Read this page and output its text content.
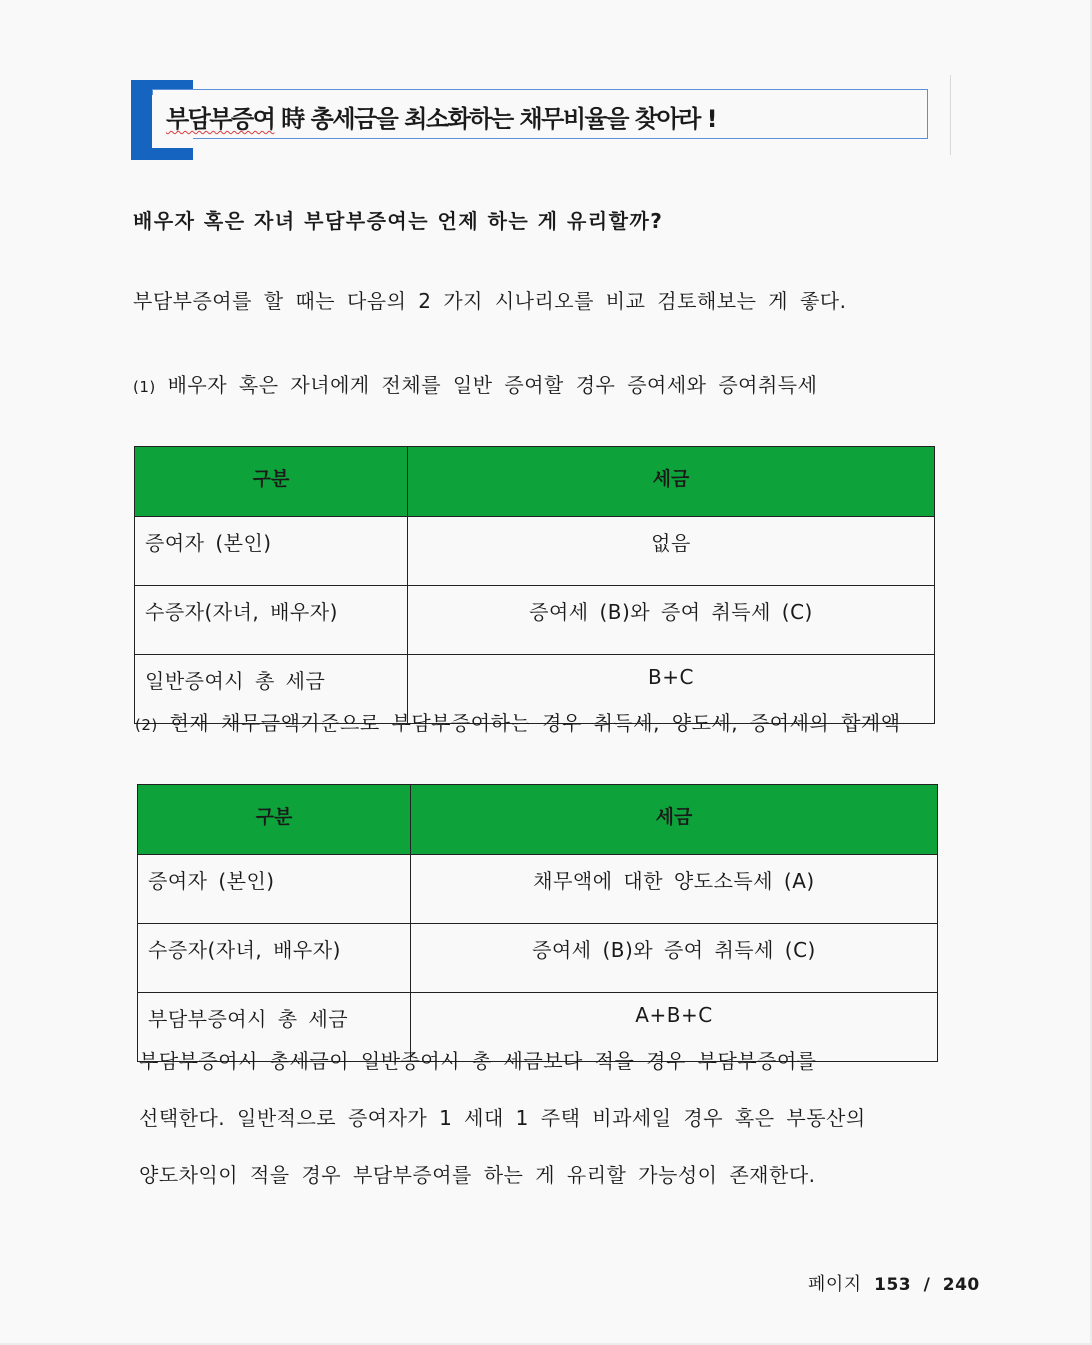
부담부증여 時 총세금을 최소화하는 채무비율을 찾아라 !
배우자 혹은 자녀 부담부증여는 언제 하는 게 유리할까?
부담부증여를 할 때는 다음의 2 가지 시나리오를 비교 검토해보는 게 좋다.
(1) 배우자 혹은 자녀에게 전체를 일반 증여할 경우 증여세와 증여취득세
구분	세금
증여자 (본인)	없음
수증자(자녀, 배우자)	증여세 (B)와 증여 취득세 (C)
일반증여시 총 세금	B+C
(2) 현재 채무금액기준으로 부담부증여하는 경우 취득세, 양도세, 증여세의 합계액
구분	세금
증여자 (본인)	채무액에 대한 양도소득세 (A)
수증자(자녀, 배우자)	증여세 (B)와 증여 취득세 (C)
부담부증여시 총 세금	A+B+C
부담부증여시 총세금이 일반증여시 총 세금보다 적을 경우 부담부증여를
선택한다. 일반적으로 증여자가 1 세대 1 주택 비과세일 경우 혹은 부동산의
양도차익이 적을 경우 부담부증여를 하는 게 유리할 가능성이 존재한다.
페이지 153 / 240
